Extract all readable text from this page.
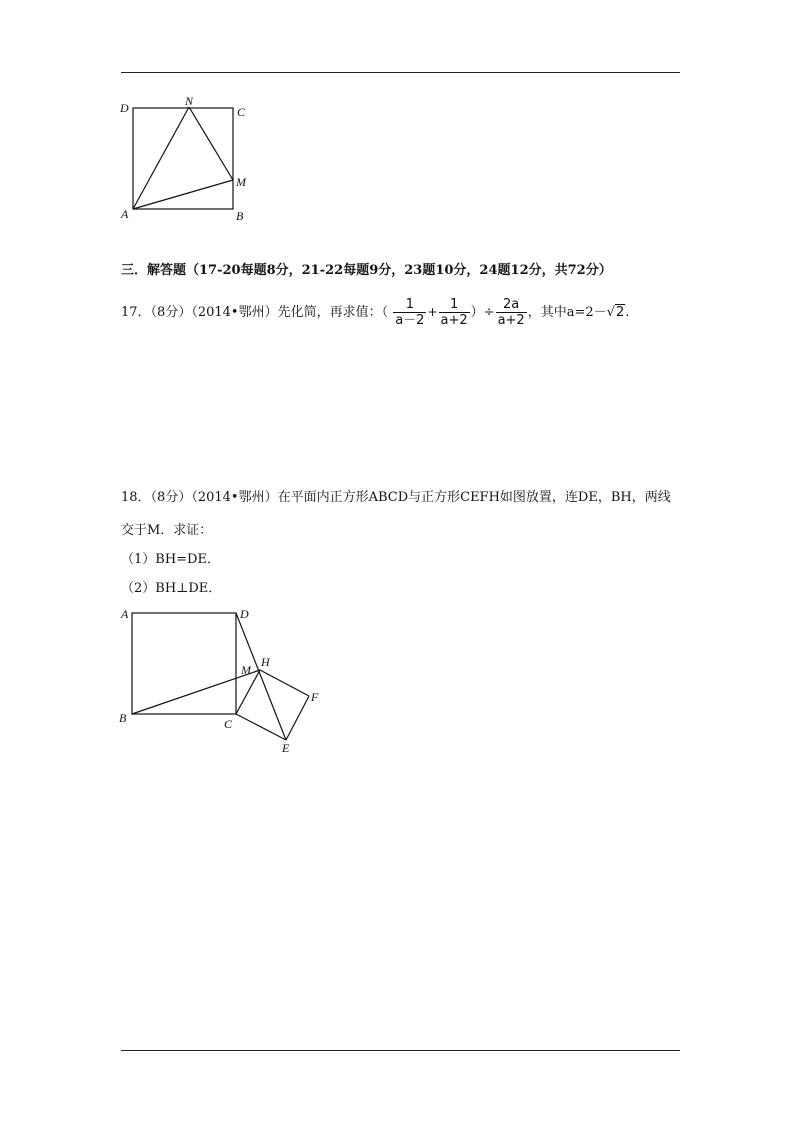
D	N
C
M
A	B
三．解答题（17-20每题8分，21-22每题9分，23题10分，24题12分，共72分）
17．（8分）（2014•鄂州）先化简，再求值：（ $\frac{1}{a-2} + \frac{1}{a+2}$ ）÷ $\frac{2a}{a+2}$ ，其中a=2－√2.
18．（8分）（2014•鄂州）在平面内正方形ABCD与正方形CEFH如图放置，连DE，BH，两线
交于M．求证：
（1）BH=DE．
（2）BH⊥DE．
A	D
M
H
F
B	C
E
